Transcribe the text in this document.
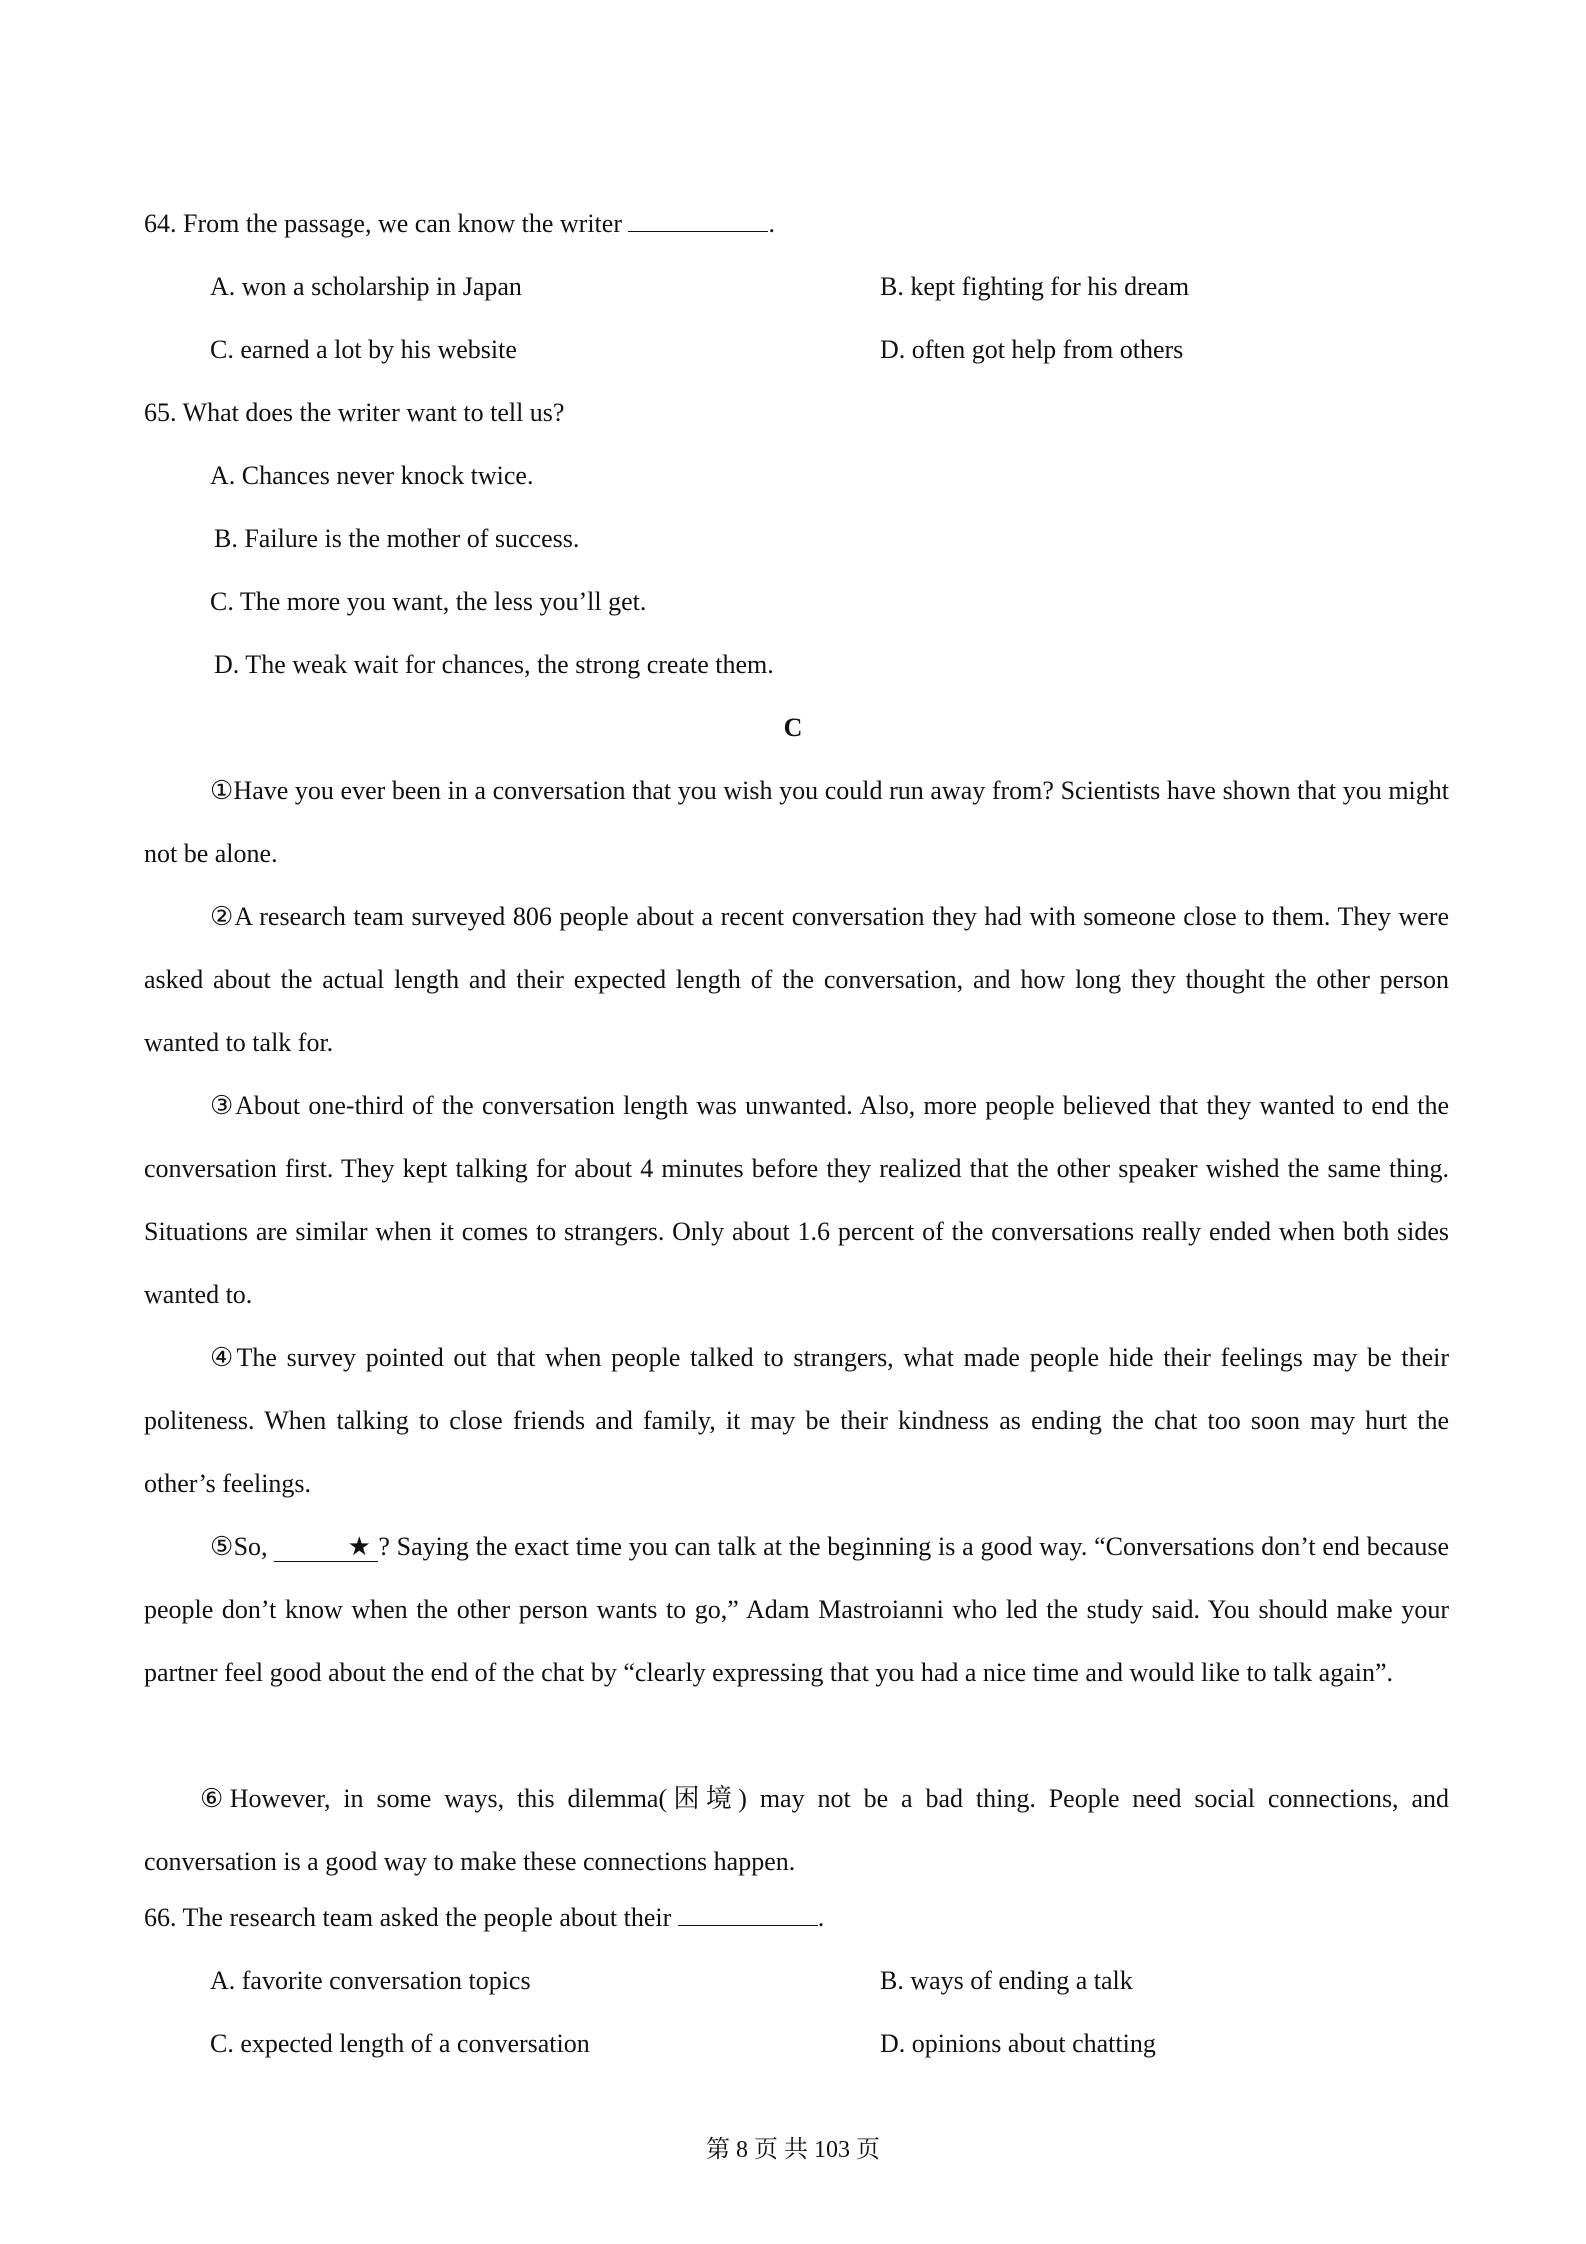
64. From the passage, we can know the writer	.
A. won a scholarship in Japan	B. kept fighting for his dream
C. earned a lot by his website	D. often got help from others
65. What does the writer want to tell us?
A. Chances never knock twice.
B. Failure is the mother of success.
C. The more you want, the less you’ll get.
D. The weak wait for chances, the strong create them.
C

①Have you ever been in a conversation that you wish you could run away from? Scientists have shown that you might not be alone.

②A research team surveyed 806 people about a recent conversation they had with someone close to them. They were asked about the actual length and their expected length of the conversation, and how long they thought the other person wanted to talk for.

③About one-third of the conversation length was unwanted. Also, more people believed that they wanted to end the conversation first. They kept talking for about 4 minutes before they realized that the other speaker wished the same thing. Situations are similar when it comes to strangers. Only about 1.6 percent of the conversations really ended when both sides wanted to.

④The survey pointed out that when people talked to strangers, what made people hide their feelings may be their politeness. When talking to close friends and family, it may be their kindness as ending the chat too soon may hurt the other’s feelings.

⑤So,	★ ? Saying the exact time you can talk at the beginning is a good way. “Conversations don’t end because people don’t know when the other person wants to go,” Adam Mastroianni who led the study said. You should make your partner feel good about the end of the chat by “clearly expressing that you had a nice time and would like to talk again”.

⑥However, in some ways, this dilemma(困境) may not be a bad thing. People need social connections, and conversation is a good way to make these connections happen.

66. The research team asked the people about their	.
A. favorite conversation topics	B. ways of ending a talk
C. expected length of a conversation	D. opinions about chatting
第 8 页 共 103 页
